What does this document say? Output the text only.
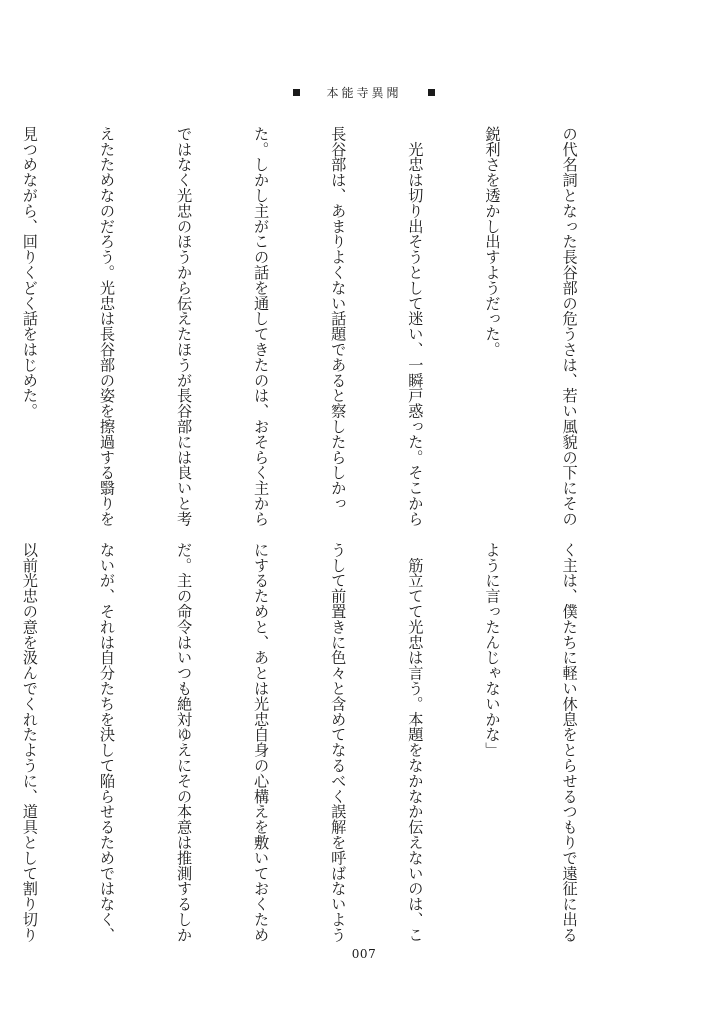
本能寺異聞

の代名詞となった長谷部の危うさは、若い風貌の下にその

鋭利さを透かし出すようだった。

　光忠は切り出そうとして迷い、一瞬戸惑った。そこから

長谷部は、あまりよくない話題であると察したらしかっ

た。しかし主がこの話を通してきたのは、おそらく主から

ではなく光忠のほうから伝えたほうが長谷部には良いと考

えたためなのだろう。光忠は長谷部の姿を擦過する翳りを

見つめながら、回りくどく話をはじめた。

く主は、僕たちに軽い休息をとらせるつもりで遠征に出る

ように言ったんじゃないかな」

　筋立てて光忠は言う。本題をなかなか伝えないのは、こ

うして前置きに色々と含めてなるべく誤解を呼ばないよう

にするためと、あとは光忠自身の心構えを敷いておくため

だ。主の命令はいつも絶対ゆえにその本意は推測するしか

ないが、それは自分たちを決して陥らせるためではなく、

以前光忠の意を汲んでくれたように、道具として割り切り

007
